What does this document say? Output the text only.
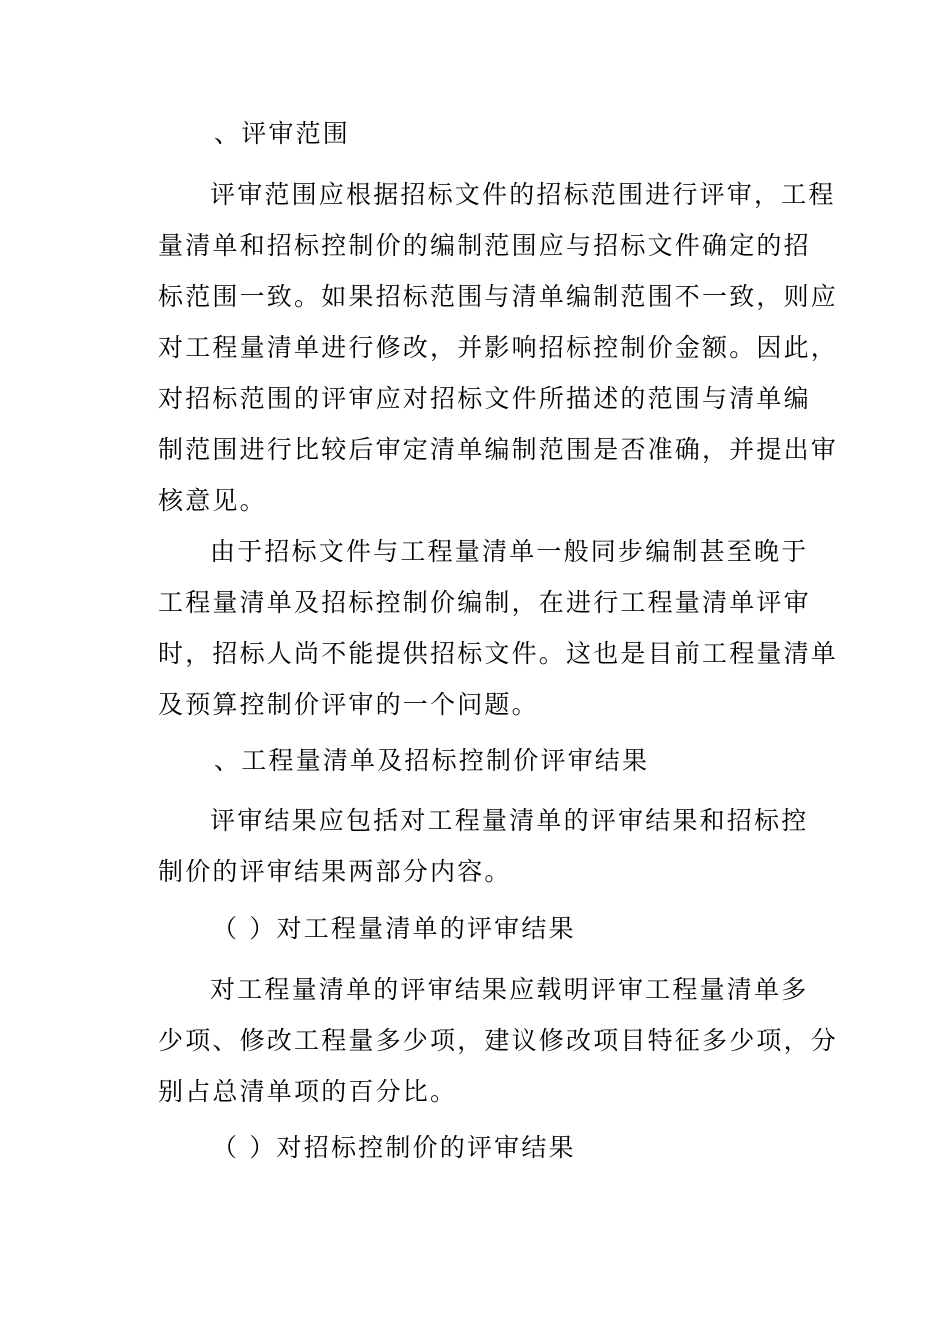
、评审范围
评审范围应根据招标文件的招标范围进行评审，工程
量清单和招标控制价的编制范围应与招标文件确定的招
标范围一致。如果招标范围与清单编制范围不一致，则应
对工程量清单进行修改，并影响招标控制价金额。因此，
对招标范围的评审应对招标文件所描述的范围与清单编
制范围进行比较后审定清单编制范围是否准确，并提出审
核意见。
由于招标文件与工程量清单一般同步编制甚至晚于
工程量清单及招标控制价编制，在进行工程量清单评审
时，招标人尚不能提供招标文件。这也是目前工程量清单
及预算控制价评审的一个问题。
、工程量清单及招标控制价评审结果
评审结果应包括对工程量清单的评审结果和招标控
制价的评审结果两部分内容。
（ ）对工程量清单的评审结果
对工程量清单的评审结果应载明评审工程量清单多
少项、修改工程量多少项，建议修改项目特征多少项，分
别占总清单项的百分比。
（ ）对招标控制价的评审结果
